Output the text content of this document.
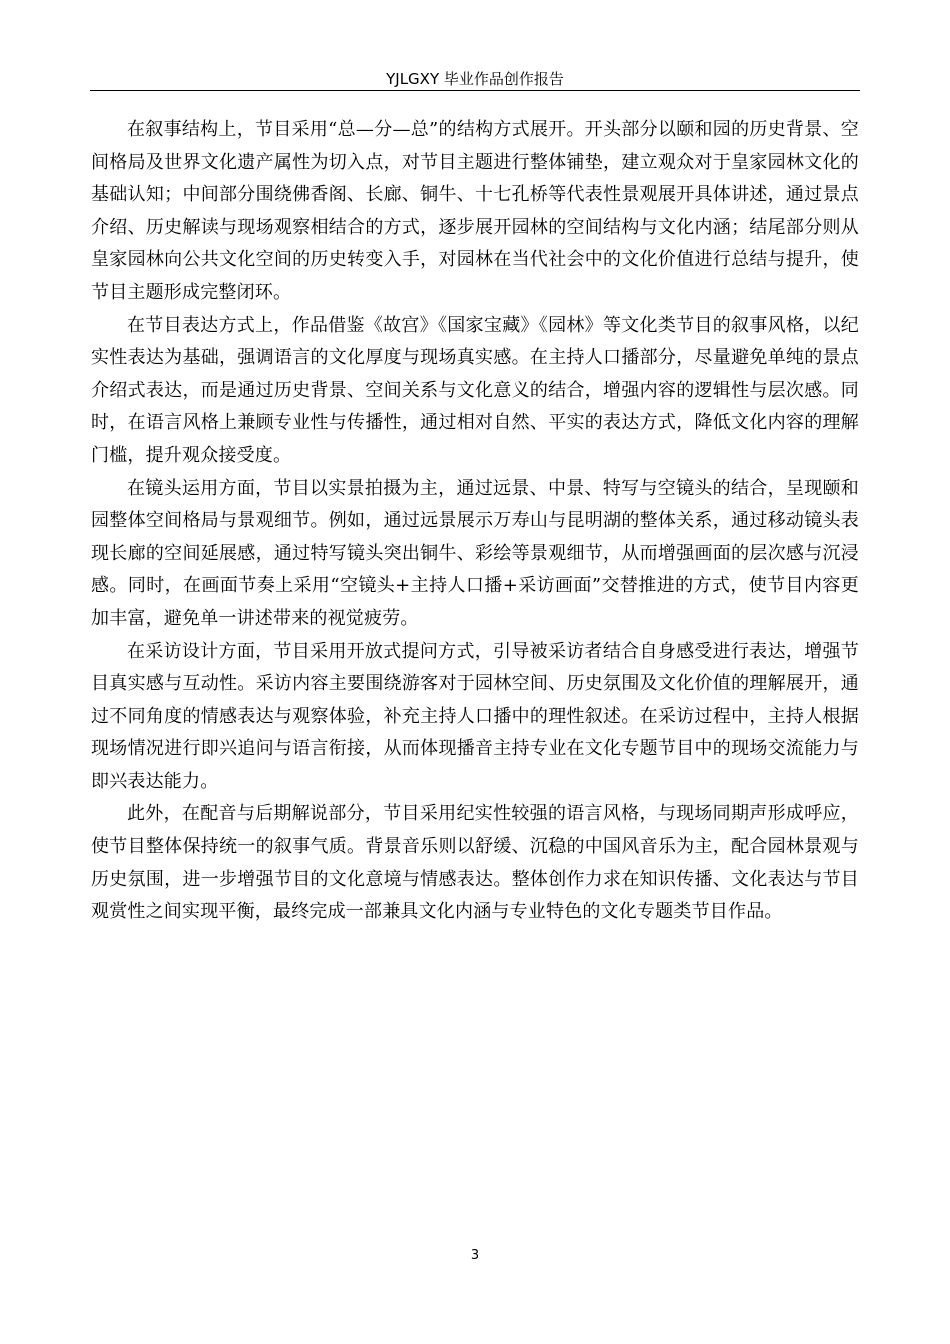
YJLGXY 毕业作品创作报告

在叙事结构上，节目采用“总—分—总”的结构方式展开。开头部分以颐和园的历史背景、空间格局及世界文化遗产属性为切入点，对节目主题进行整体铺垫，建立观众对于皇家园林文化的基础认知；中间部分围绕佛香阁、长廊、铜牛、十七孔桥等代表性景观展开具体讲述，通过景点介绍、历史解读与现场观察相结合的方式，逐步展开园林的空间结构与文化内涵；结尾部分则从皇家园林向公共文化空间的历史转变入手，对园林在当代社会中的文化价值进行总结与提升，使节目主题形成完整闭环。

在节目表达方式上，作品借鉴《故宫》《国家宝藏》《园林》等文化类节目的叙事风格，以纪实性表达为基础，强调语言的文化厚度与现场真实感。在主持人口播部分，尽量避免单纯的景点介绍式表达，而是通过历史背景、空间关系与文化意义的结合，增强内容的逻辑性与层次感。同时，在语言风格上兼顾专业性与传播性，通过相对自然、平实的表达方式，降低文化内容的理解门槛，提升观众接受度。

在镜头运用方面，节目以实景拍摄为主，通过远景、中景、特写与空镜头的结合，呈现颐和园整体空间格局与景观细节。例如，通过远景展示万寿山与昆明湖的整体关系，通过移动镜头表现长廊的空间延展感，通过特写镜头突出铜牛、彩绘等景观细节，从而增强画面的层次感与沉浸感。同时，在画面节奏上采用“空镜头+主持人口播+采访画面”交替推进的方式，使节目内容更加丰富，避免单一讲述带来的视觉疲劳。

在采访设计方面，节目采用开放式提问方式，引导被采访者结合自身感受进行表达，增强节目真实感与互动性。采访内容主要围绕游客对于园林空间、历史氛围及文化价值的理解展开，通过不同角度的情感表达与观察体验，补充主持人口播中的理性叙述。在采访过程中，主持人根据现场情况进行即兴追问与语言衔接，从而体现播音主持专业在文化专题节目中的现场交流能力与即兴表达能力。

此外，在配音与后期解说部分，节目采用纪实性较强的语言风格，与现场同期声形成呼应，使节目整体保持统一的叙事气质。背景音乐则以舒缓、沉稳的中国风音乐为主，配合园林景观与历史氛围，进一步增强节目的文化意境与情感表达。整体创作力求在知识传播、文化表达与节目观赏性之间实现平衡，最终完成一部兼具文化内涵与专业特色的文化专题类节目作品。

3
